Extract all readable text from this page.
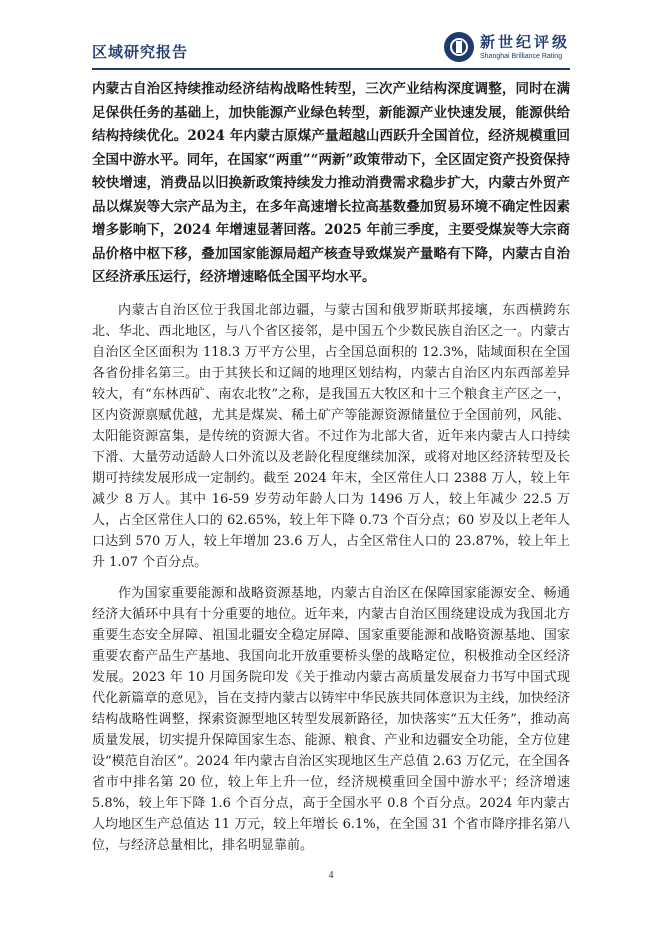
区域研究报告
新世纪评级
Shanghai Brilliance Rating

内蒙古自治区持续推动经济结构战略性转型，三次产业结构深度调整，同时在满足保供任务的基础上，加快能源产业绿色转型，新能源产业快速发展，能源供给结构持续优化。2024 年内蒙古原煤产量超越山西跃升全国首位，经济规模重回全国中游水平。同年，在国家“两重”“两新”政策带动下，全区固定资产投资保持较快增速，消费品以旧换新政策持续发力推动消费需求稳步扩大，内蒙古外贸产品以煤炭等大宗产品为主，在多年高速增长拉高基数叠加贸易环境不确定性因素增多影响下，2024 年增速显著回落。2025 年前三季度，主要受煤炭等大宗商品价格中枢下移，叠加国家能源局超产核查导致煤炭产量略有下降，内蒙古自治区经济承压运行，经济增速略低全国平均水平。

内蒙古自治区位于我国北部边疆，与蒙古国和俄罗斯联邦接壤，东西横跨东北、华北、西北地区，与八个省区接邻，是中国五个少数民族自治区之一。内蒙古自治区全区面积为 118.3 万平方公里，占全国总面积的 12.3%，陆域面积在全国各省份排名第三。由于其狭长和辽阔的地理区划结构，内蒙古自治区内东西部差异较大，有“东林西矿、南农北牧”之称，是我国五大牧区和十三个粮食主产区之一，区内资源禀赋优越，尤其是煤炭、稀土矿产等能源资源储量位于全国前列，风能、太阳能资源富集，是传统的资源大省。不过作为北部大省，近年来内蒙古人口持续下滑、大量劳动适龄人口外流以及老龄化程度继续加深，或将对地区经济转型及长期可持续发展形成一定制约。截至 2024 年末，全区常住人口 2388 万人，较上年减少 8 万人。其中 16-59 岁劳动年龄人口为 1496 万人，较上年减少 22.5 万人，占全区常住人口的 62.65%，较上年下降 0.73 个百分点；60 岁及以上老年人口达到 570 万人，较上年增加 23.6 万人，占全区常住人口的 23.87%，较上年上升 1.07 个百分点。

作为国家重要能源和战略资源基地，内蒙古自治区在保障国家能源安全、畅通经济大循环中具有十分重要的地位。近年来，内蒙古自治区围绕建设成为我国北方重要生态安全屏障、祖国北疆安全稳定屏障、国家重要能源和战略资源基地、国家重要农畜产品生产基地、我国向北开放重要桥头堡的战略定位，积极推动全区经济发展。2023 年 10 月国务院印发《关于推动内蒙古高质量发展奋力书写中国式现代化新篇章的意见》，旨在支持内蒙古以铸牢中华民族共同体意识为主线，加快经济结构战略性调整，探索资源型地区转型发展新路径，加快落实“五大任务”，推动高质量发展，切实提升保障国家生态、能源、粮食、产业和边疆安全功能，全方位建设“模范自治区”。2024 年内蒙古自治区实现地区生产总值 2.63 万亿元，在全国各省市中排名第 20 位，较上年上升一位，经济规模重回全国中游水平；经济增速 5.8%，较上年下降 1.6 个百分点，高于全国水平 0.8 个百分点。2024 年内蒙古人均地区生产总值达 11 万元，较上年增长 6.1%，在全国 31 个省市降序排名第八位，与经济总量相比，排名明显靠前。

4
